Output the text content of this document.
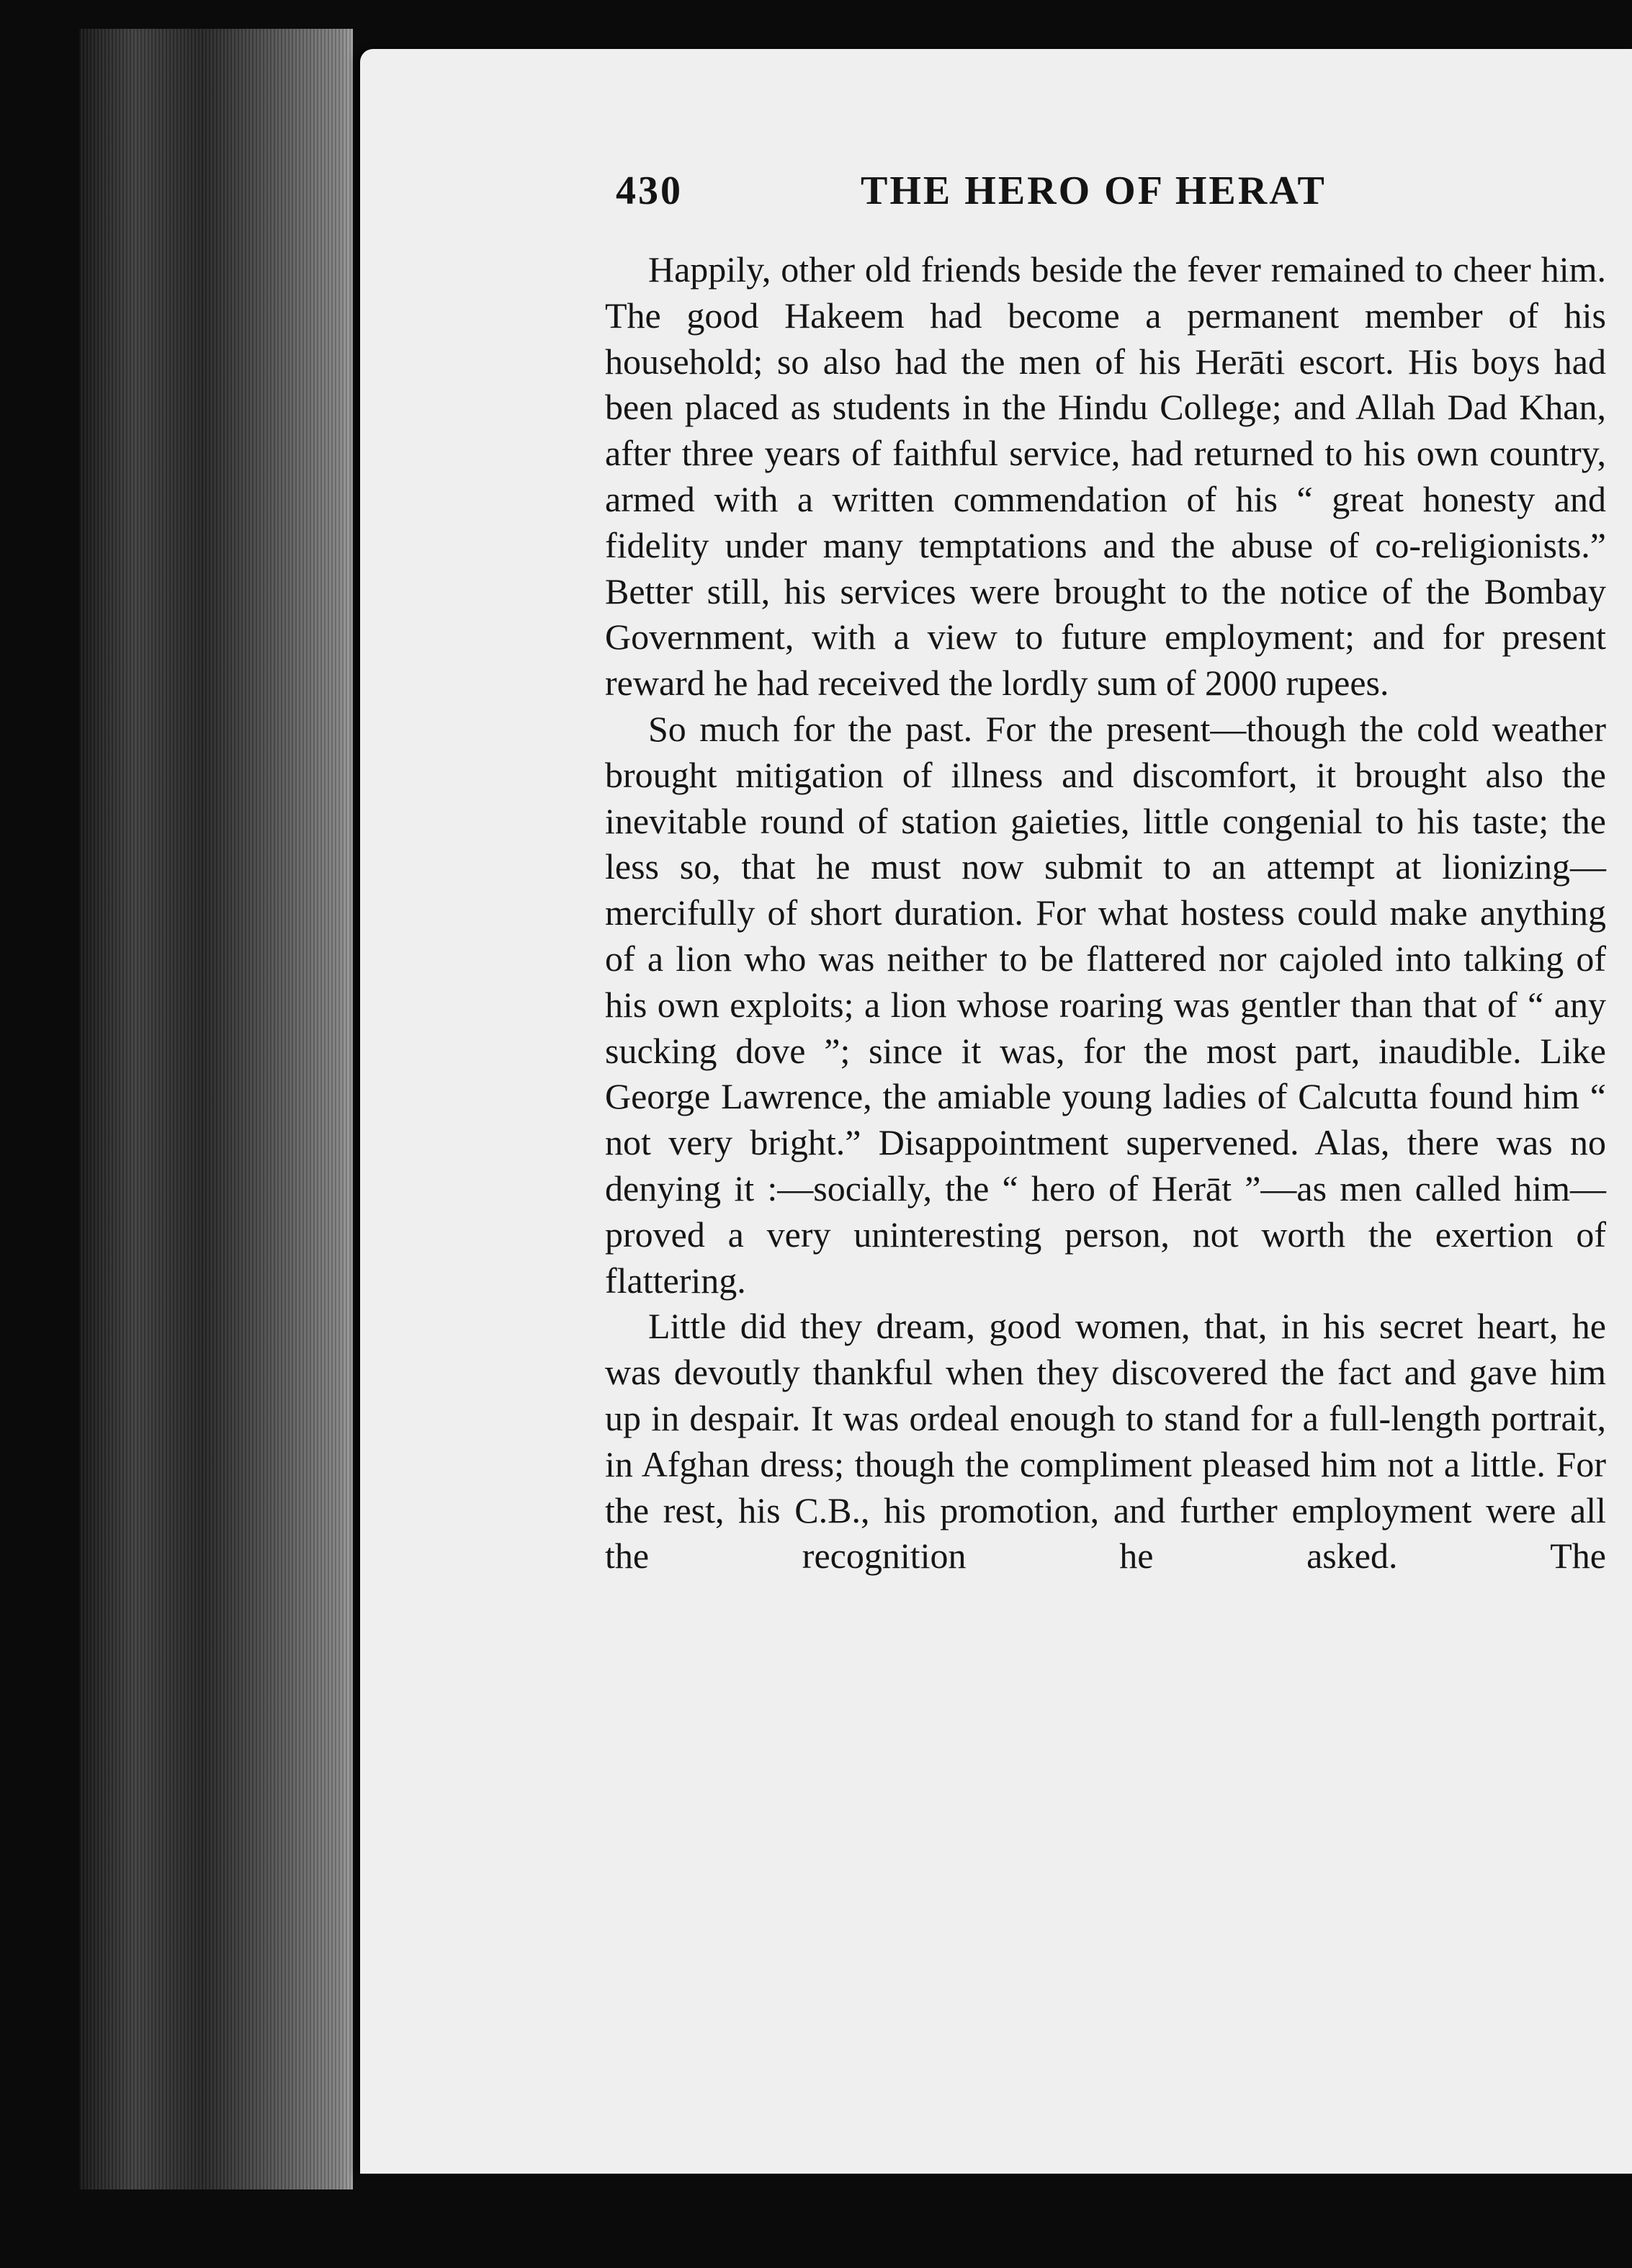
430	THE HERO OF HERAT

Happily, other old friends beside the fever remained to cheer him. The good Hakeem had become a permanent member of his household; so also had the men of his Herāti escort. His boys had been placed as students in the Hindu College; and Allah Dad Khan, after three years of faithful service, had returned to his own country, armed with a written commendation of his “ great honesty and fidelity under many temptations and the abuse of co-religionists.” Better still, his services were brought to the notice of the Bombay Government, with a view to future employment; and for present reward he had received the lordly sum of 2000 rupees.

So much for the past. For the present—though the cold weather brought mitigation of illness and discomfort, it brought also the inevitable round of station gaieties, little congenial to his taste; the less so, that he must now submit to an attempt at lionizing—mercifully of short duration. For what hostess could make anything of a lion who was neither to be flattered nor cajoled into talking of his own exploits; a lion whose roaring was gentler than that of “ any sucking dove ”; since it was, for the most part, inaudible. Like George Lawrence, the amiable young ladies of Calcutta found him “ not very bright.” Disappointment supervened. Alas, there was no denying it :—socially, the “ hero of Herāt ”—as men called him—proved a very uninteresting person, not worth the exertion of flattering.

Little did they dream, good women, that, in his secret heart, he was devoutly thankful when they discovered the fact and gave him up in despair. It was ordeal enough to stand for a full-length portrait, in Afghan dress; though the compliment pleased him not a little. For the rest, his C.B., his promotion, and further employment were all the recognition he asked. The
